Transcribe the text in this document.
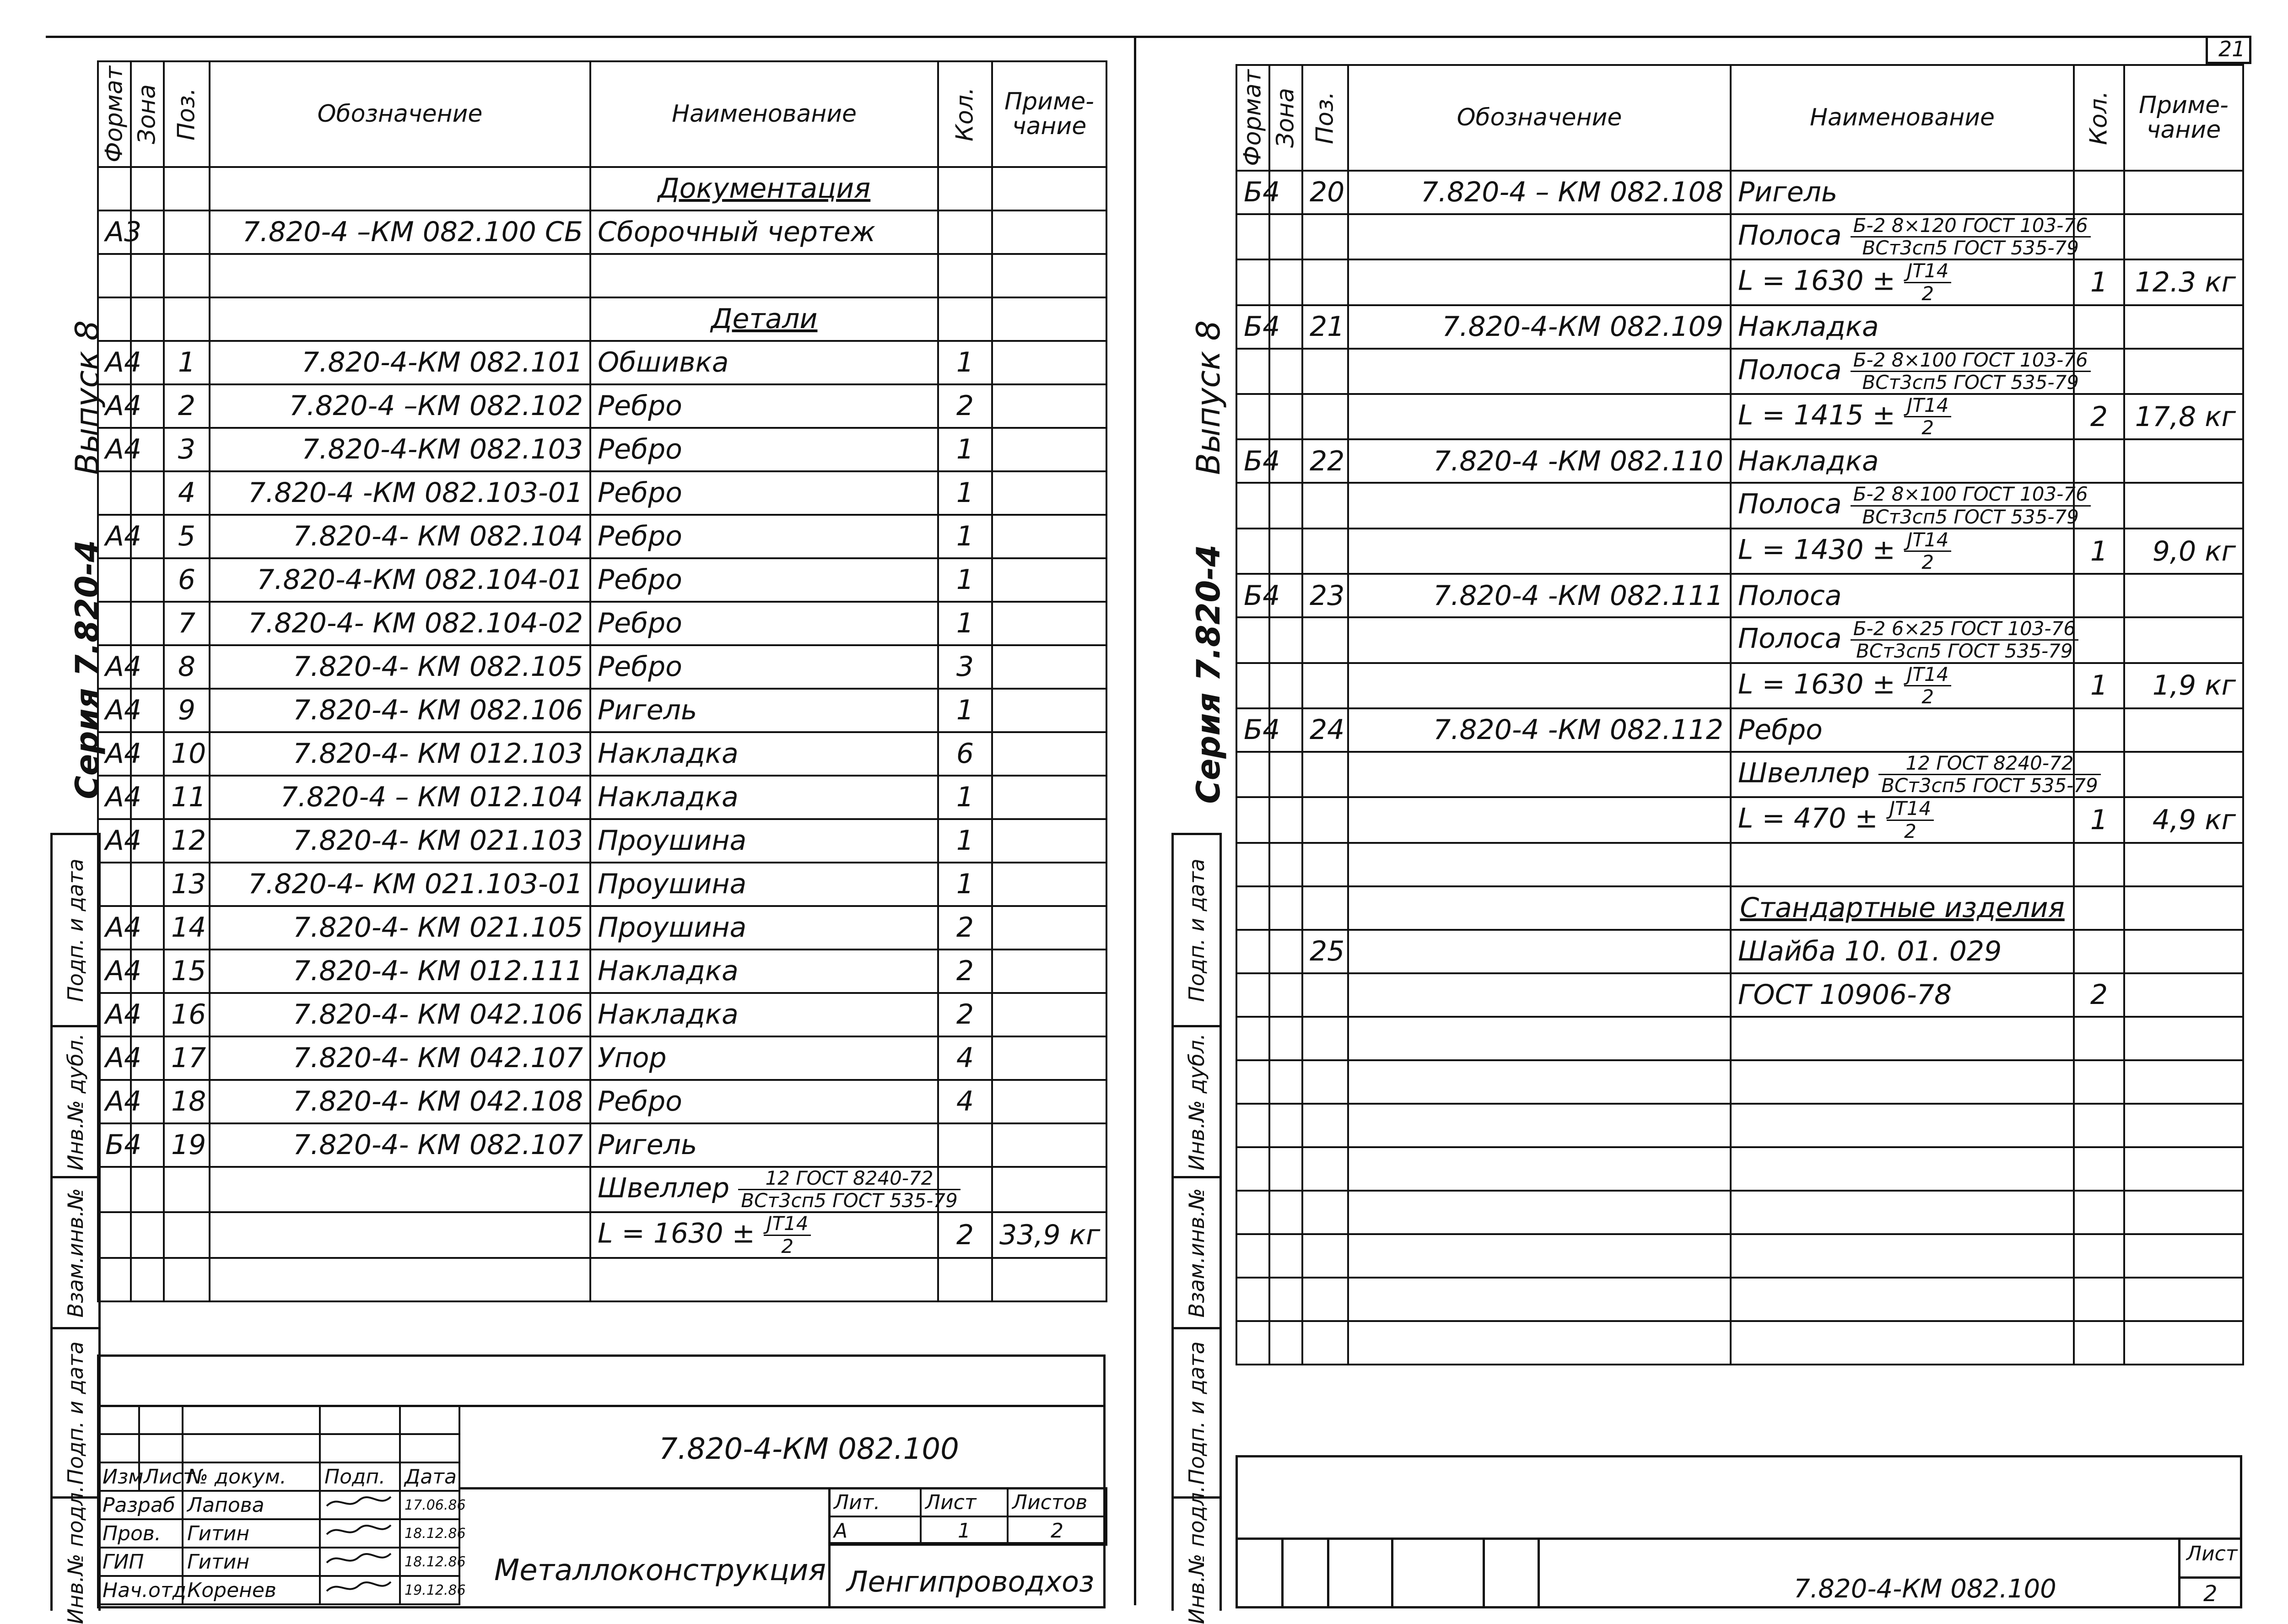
Подп. и дата
Инв.№ дубл.
Взам.инв.№
Подп. и дата
Инв.№ подл.
Серия 7.820-4
Выпуск 8
Формат	Зона	Поз.	Обозначение	Наименование	Кол.	Приме-чание
				Документация		
А3			7.820-4 –КМ 082.100 СБ	Сборочный чертеж		

				Детали		
А4		1	7.820-4-КМ 082.101	Обшивка	1	
А4		2	7.820-4 –КМ 082.102	Ребро	2	
А4		3	7.820-4-КМ 082.103	Ребро	1	
		4	7.820-4 -КМ 082.103-01	Ребро	1	
А4		5	7.820-4- КМ 082.104	Ребро	1	
		6	7.820-4-КМ 082.104-01	Ребро	1	
		7	7.820-4- КМ 082.104-02	Ребро	1	
А4		8	7.820-4- КМ 082.105	Ребро	3	
А4		9	7.820-4- КМ 082.106	Ригель	1	
А4		10	7.820-4- КМ 012.103	Накладка	6	
А4		11	7.820-4 – КМ 012.104	Накладка	1	
А4		12	7.820-4- КМ 021.103	Проушина	1	
		13	7.820-4- КМ 021.103-01	Проушина	1	
А4		14	7.820-4- КМ 021.105	Проушина	2	
А4		15	7.820-4- КМ 012.111	Накладка	2	
А4		16	7.820-4- КМ 042.106	Накладка	2	
А4		17	7.820-4- КМ 042.107	Упор	4	
А4		18	7.820-4- КМ 042.108	Ребро	4	
Б4		19	7.820-4- КМ 082.107	Ригель		
				Швеллер $\frac{\text{12 ГОСТ 8240-72}}{\text{ВСт3сп5 ГОСТ 535-79}}$

				$L = 1630 \pm \frac{JT14}{2}$	2	33,9 кг

Изм	Лист	№ докум.	Подп.	Дата
Разраб		Лапова		17.06.86
Пров.		Гитин		18.12.86
ГИП		Гитин		18.12.86
Нач.отд		Коренев		19.12.86
7.820-4-КМ 082.100
Металлоконструкция
Лит.	Лист	Листов
А	1	2
Ленгипроводхоз
21
Подп. и дата
Инв.№ дубл.
Взам.инв.№
Подп. и дата
Инв.№ подл.
Серия 7.820-4
Выпуск 8
Формат	Зона	Поз.	Обозначение	Наименование	Кол.	Приме-чание
Б4		20	7.820-4 – КМ 082.108	Ригель		
				Полоса $\frac{\text{Б-2 8×120 ГОСТ 103-76}}{\text{ВСт3сп5 ГОСТ 535-79}}$

				$L = 1630 \pm \frac{JT14}{2}$	1	12.3 кг
Б4		21	7.820-4-КМ 082.109	Накладка		
				Полоса $\frac{\text{Б-2 8×100 ГОСТ 103-76}}{\text{ВСт3сп5 ГОСТ 535-79}}$

				$L = 1415 \pm \frac{JT14}{2}$	2	17,8 кг
Б4		22	7.820-4 -КМ 082.110	Накладка		
				Полоса $\frac{\text{Б-2 8×100 ГОСТ 103-76}}{\text{ВСт3сп5 ГОСТ 535-79}}$

				$L = 1430 \pm \frac{JT14}{2}$	1	9,0 кг
Б4		23	7.820-4 -КМ 082.111	Полоса		
				Полоса $\frac{\text{Б-2 6×25 ГОСТ 103-76}}{\text{ВСт3сп5 ГОСТ 535-79}}$

				$L = 1630 \pm \frac{JT14}{2}$	1	1,9 кг
Б4		24	7.820-4 -КМ 082.112	Ребро		
				Швеллер $\frac{\text{12 ГОСТ 8240-72}}{\text{ВСт3сп5 ГОСТ 535-79}}$

				$L = 470 \pm \frac{JT14}{2}$	1	4,9 кг

				Стандартные изделия		
		25		Шайба 10. 01. 029		
				ГОСТ 10906-78	2	

7.820-4-КМ 082.100
Лист
2
